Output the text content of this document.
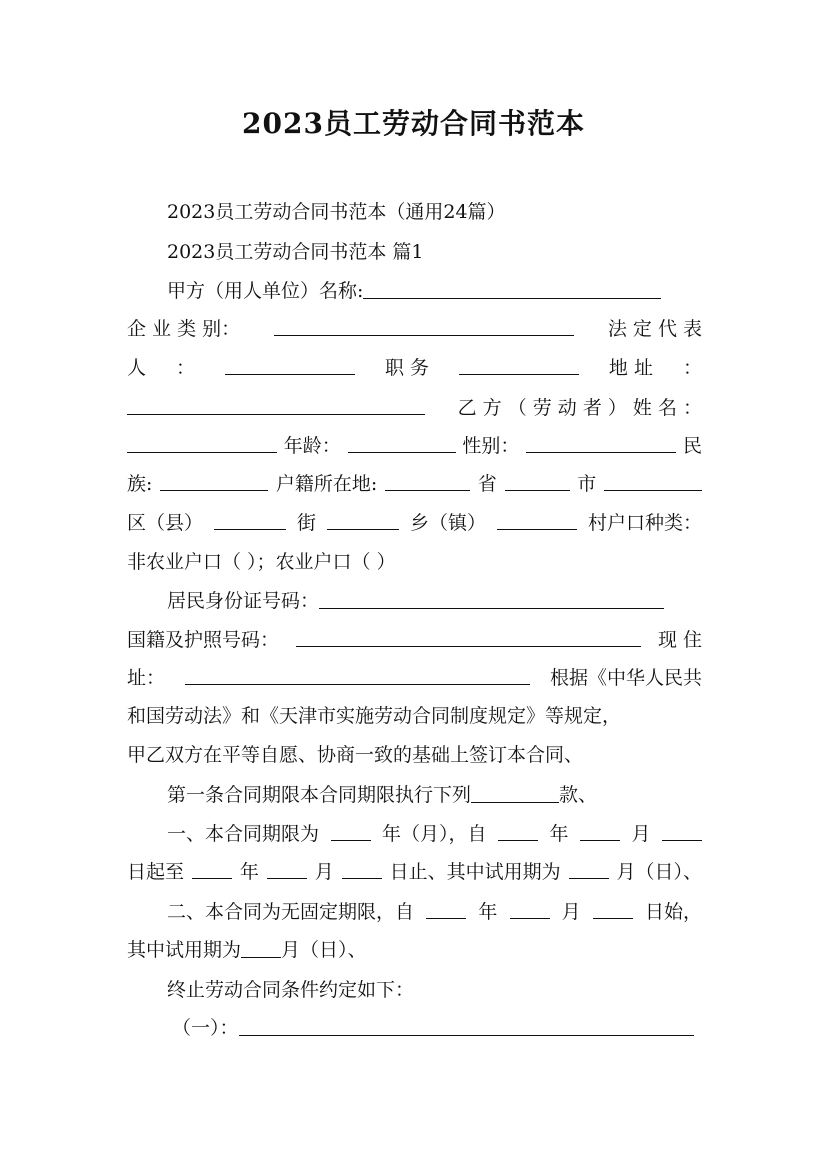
2023员工劳动合同书范本
2023员工劳动合同书范本（通用24篇）
2023员工劳动合同书范本 篇1
甲方（用人单位）名称:
企 业 类 别：	法 定 代 表
人 ：	职 务	地 址 ：
乙 方 （ 劳 动 者 ） 姓 名 ：
年龄：	性别：	民
族:	户籍所在地:	省	市
区（县）	街	乡（镇）	村户口种类：
非农业户口（ ）；农业户口（ ）
居民身份证号码：
国籍及护照号码：	现 住
址：	根据《中华人民共
和国劳动法》和《天津市实施劳动合同制度规定》等规定，
甲乙双方在平等自愿、协商一致的基础上签订本合同、
第一条合同期限本合同期限执行下列	款、
一、本合同期限为	年（月），自	年	月
日起至	年	月	日止、其中试用期为	月（日）、
二、本合同为无固定期限，自	年	月	日始，
其中试用期为 月（日）、
终止劳动合同条件约定如下：
（一）：
